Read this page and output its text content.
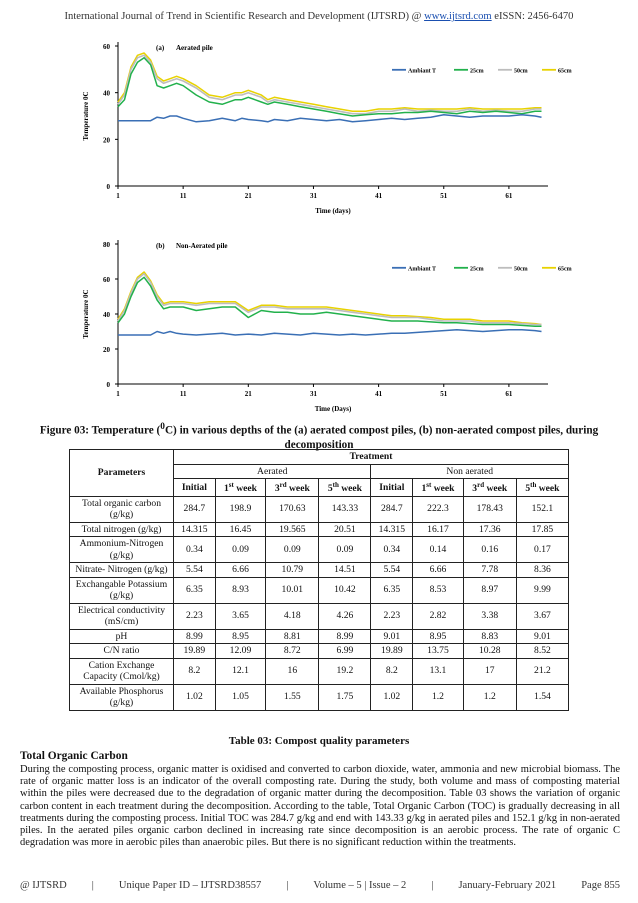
International Journal of Trend in Scientific Research and Development (IJTSRD) @ www.ijtsrd.com eISSN: 2456-6470
0
20
40
60
1	11	21	31	41	51	61
Time (days)
Temperature 0C
(a) Aerated pile
Ambiant T	25cm	50cm	65cm
0
20
40
60
80
1	11	21	31	41	51	61
Time (Days)
Temperature 0C
(b) Non-Aerated pile
Ambiant T	25cm	50cm	65cm
Figure 03: Temperature ($^0$C) in various depths of the (a) aerated compost piles, (b) non-aerated compost piles, during decomposition
Parameters	Treatment							
	Aerated				Non aerated			
	Initial	1st week	3rd week	5th week	Initial	1st week	3rd week	5th week
Total organic carbon (g/kg)	284.7	198.9	170.63	143.33	284.7	222.3	178.43	152.1
Total nitrogen (g/kg)	14.315	16.45	19.565	20.51	14.315	16.17	17.36	17.85
Ammonium-Nitrogen (g/kg)	0.34	0.09	0.09	0.09	0.34	0.14	0.16	0.17
Nitrate- Nitrogen (g/kg)	5.54	6.66	10.79	14.51	5.54	6.66	7.78	8.36
Exchangable Potassium (g/kg)	6.35	8.93	10.01	10.42	6.35	8.53	8.97	9.99
Electrical conductivity (mS/cm)	2.23	3.65	4.18	4.26	2.23	2.82	3.38	3.67
pH	8.99	8.95	8.81	8.99	9.01	8.95	8.83	9.01
C/N ratio	19.89	12.09	8.72	6.99	19.89	13.75	10.28	8.52
Cation Exchange Capacity (Cmol/kg)	8.2	12.1	16	19.2	8.2	13.1	17	21.2
Available Phosphorus (g/kg)	1.02	1.05	1.55	1.75	1.02	1.2	1.2	1.54
Table 03: Compost quality parameters
Total Organic Carbon
During the composting process, organic matter is oxidised and converted to carbon dioxide, water, ammonia and new microbial biomass. The rate of organic matter loss is an indicator of the overall composting rate. During the study, both volume and mass of composting material within the piles were decreased due to the degradation of organic matter during the decomposition. Table 03 shows the variation of organic carbon content in each treatment during the decomposition. According to the table, Total Organic Carbon (TOC) is gradually decreasing in all treatments during the composting process. Initial TOC was 284.7 g/kg and end with 143.33 g/kg in aerated piles and 152.1 g/kg in non-aerated piles. In the aerated piles organic carbon declined in increasing rate since decomposition is an aerobic process. The rate of organic C degradation was more in aerobic piles than anaerobic piles. But there is no significant reduction within the treatments.
@ IJTSRD | Unique Paper ID – IJTSRD38557 | Volume – 5 | Issue – 2 | January-February 2021 Page 855
